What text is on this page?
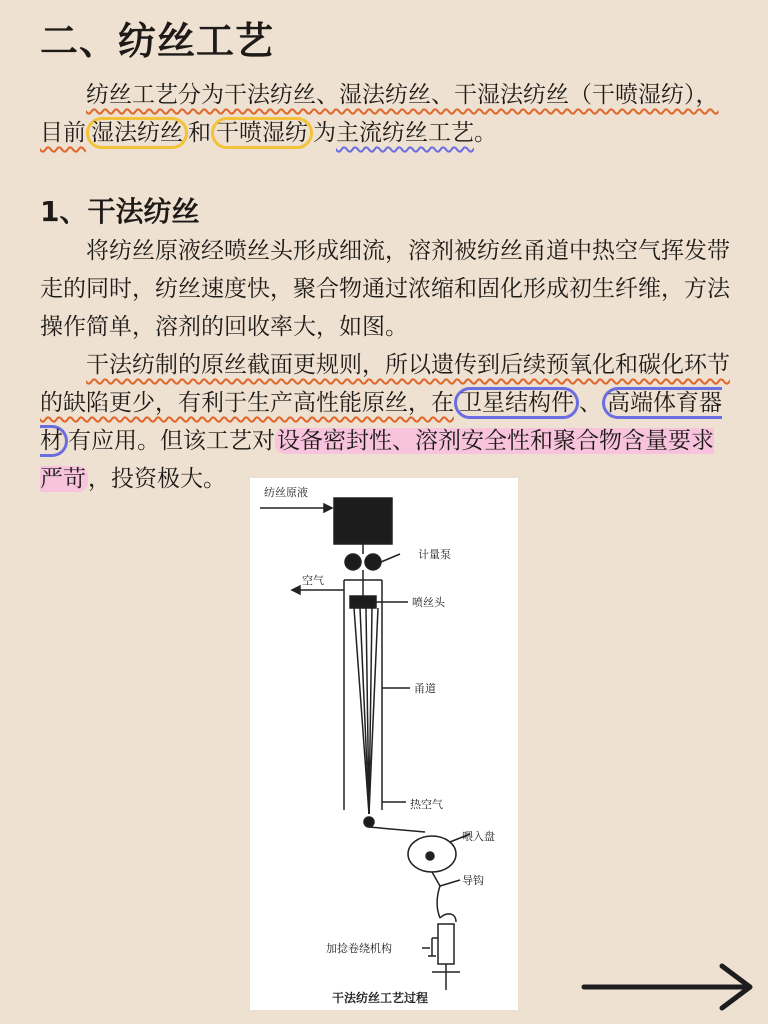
二、纺丝工艺

纺丝工艺分为干法纺丝、湿法纺丝、干湿法纺丝（干喷湿纺），目前 湿法纺丝 和 干喷湿纺 为主流纺丝工艺。

1、干法纺丝

将纺丝原液经喷丝头形成细流，溶剂被纺丝甬道中热空气挥发带走的同时，纺丝速度快，聚合物通过浓缩和固化形成初生纤维，方法操作简单，溶剂的回收率大，如图。

干法纺制的原丝截面更规则，所以遗传到后续预氧化和碳化环节的缺陷更少，有利于生产高性能原丝，在 卫星结构件 、 高端体育器材 有应用。但该工艺对设备密封性、溶剂安全性和聚合物含量要求严苛，投资极大。

纺丝原液
计量泵
空气
喷丝头
甬道
热空气
喂入盘
导钩
加捻卷绕机构
干法纺丝工艺过程
